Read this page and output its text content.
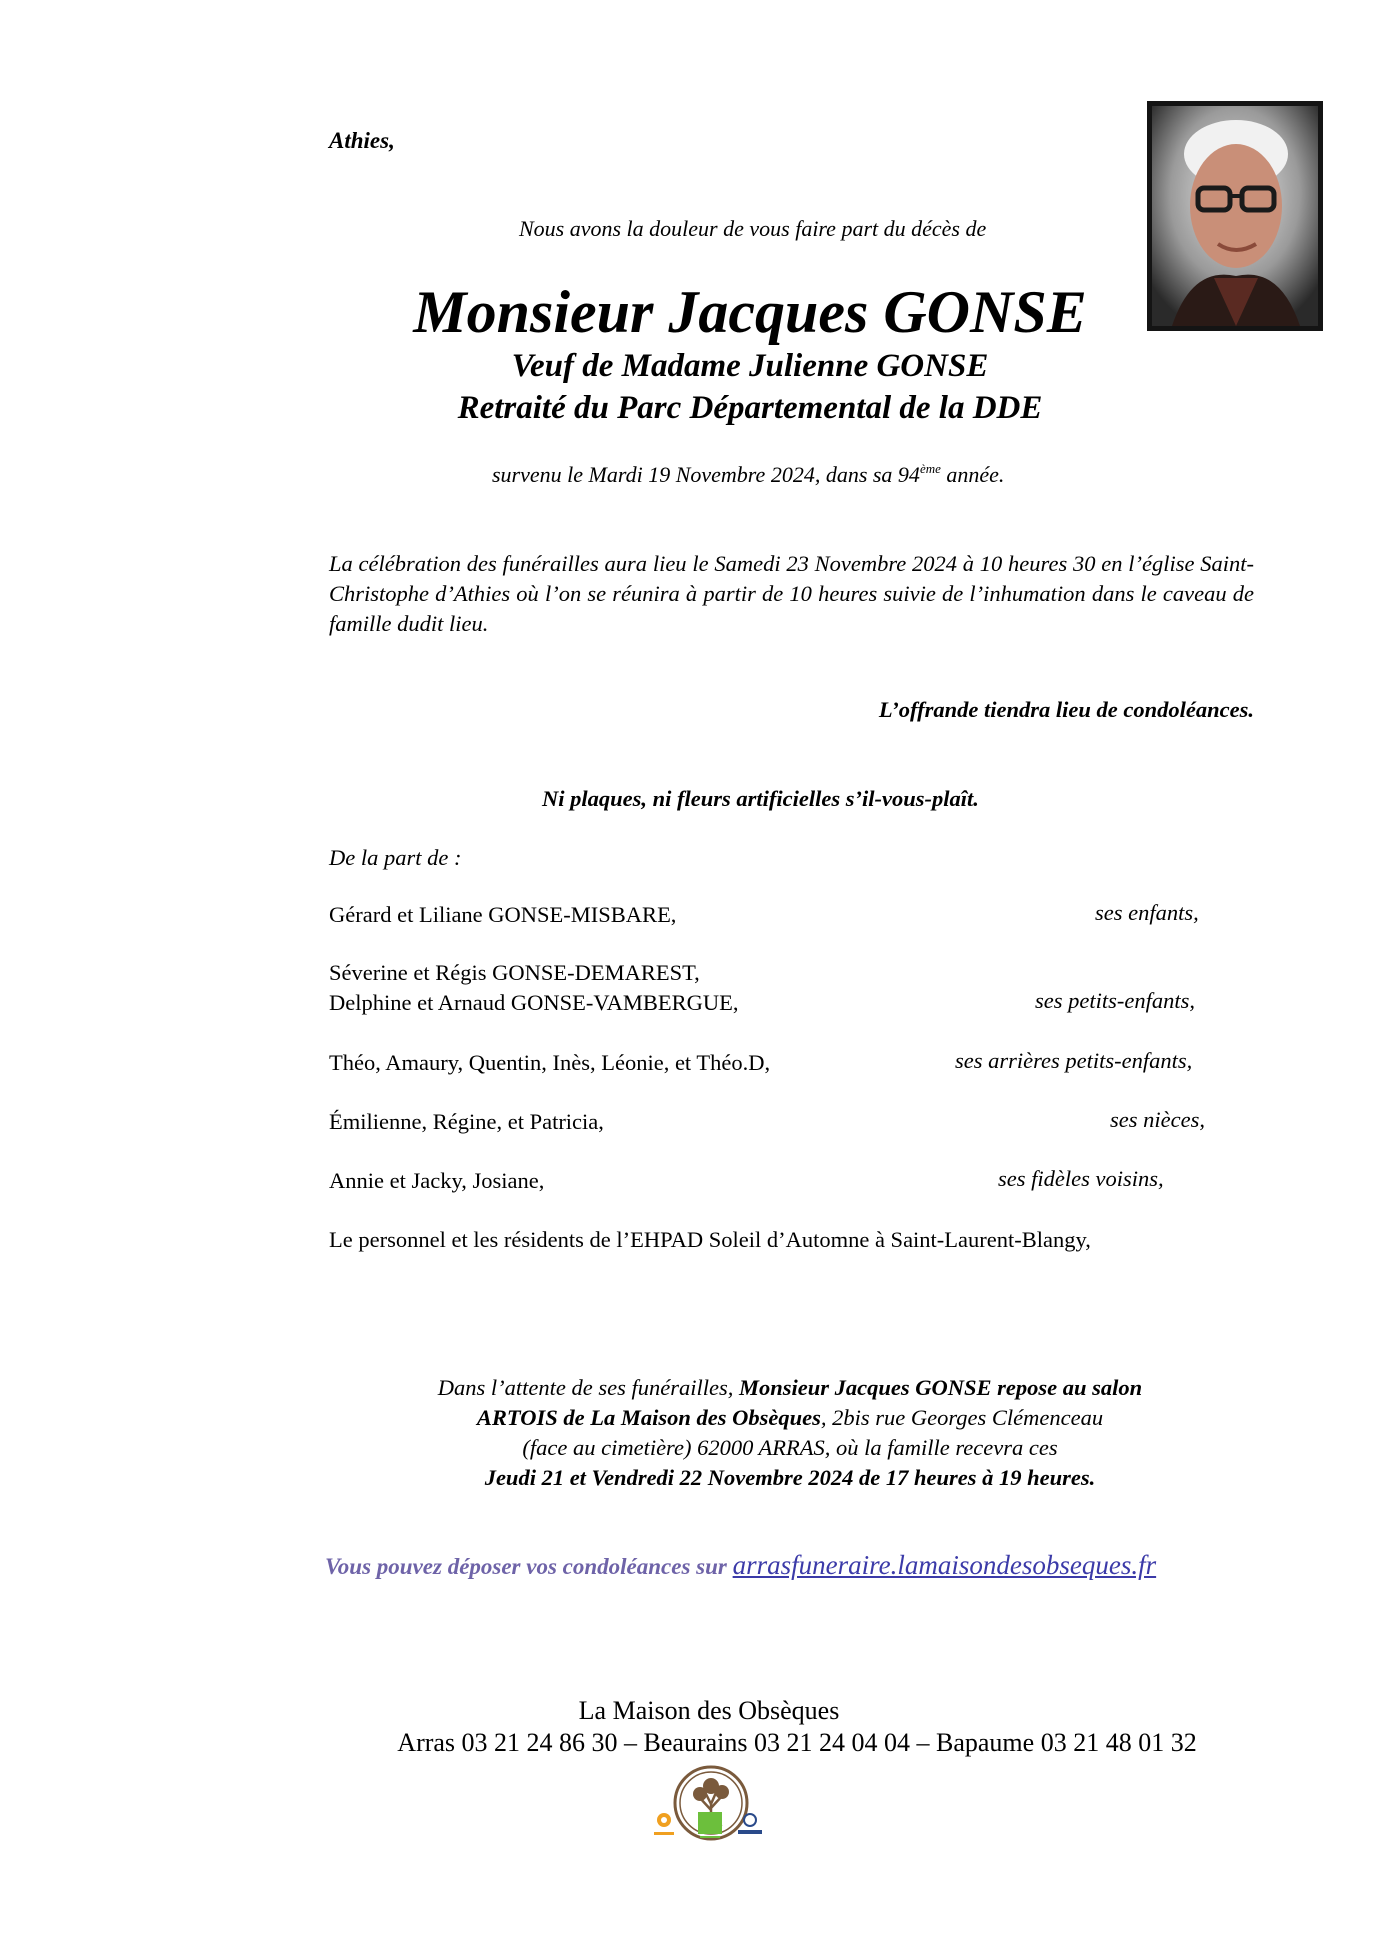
Athies,
Nous avons la douleur de vous faire part du décès de
Monsieur Jacques GONSE
Veuf de Madame Julienne GONSE
Retraité du Parc Départemental de la DDE
survenu le Mardi 19 Novembre 2024, dans sa 94ème année.
La célébration des funérailles aura lieu le Samedi 23 Novembre 2024 à 10 heures 30 en l’église Saint-Christophe d’Athies où l’on se réunira à partir de 10 heures suivie de l’inhumation dans le caveau de famille dudit lieu.
L’offrande tiendra lieu de condoléances.
Ni plaques, ni fleurs artificielles s’il-vous-plaît.
De la part de :
Gérard et Liliane GONSE-MISBARE,	ses enfants,
Séverine et Régis GONSE-DEMAREST,
Delphine et Arnaud GONSE-VAMBERGUE,	ses petits-enfants,
Théo, Amaury, Quentin, Inès, Léonie, et Théo.D,	ses arrières petits-enfants,
Émilienne, Régine, et Patricia,	ses nièces,
Annie et Jacky, Josiane,	ses fidèles voisins,
Le personnel et les résidents de l’EHPAD Soleil d’Automne à Saint-Laurent-Blangy,
Dans l’attente de ses funérailles, Monsieur Jacques GONSE repose au salon
ARTOIS de La Maison des Obsèques, 2bis rue Georges Clémenceau
(face au cimetière) 62000 ARRAS, où la famille recevra ces
Jeudi 21 et Vendredi 22 Novembre 2024 de 17 heures à 19 heures.
Vous pouvez déposer vos condoléances sur arrasfuneraire.lamaisondesobseques.fr
La Maison des Obsèques
Arras 03 21 24 86 30 – Beaurains 03 21 24 04 04 – Bapaume 03 21 48 01 32
